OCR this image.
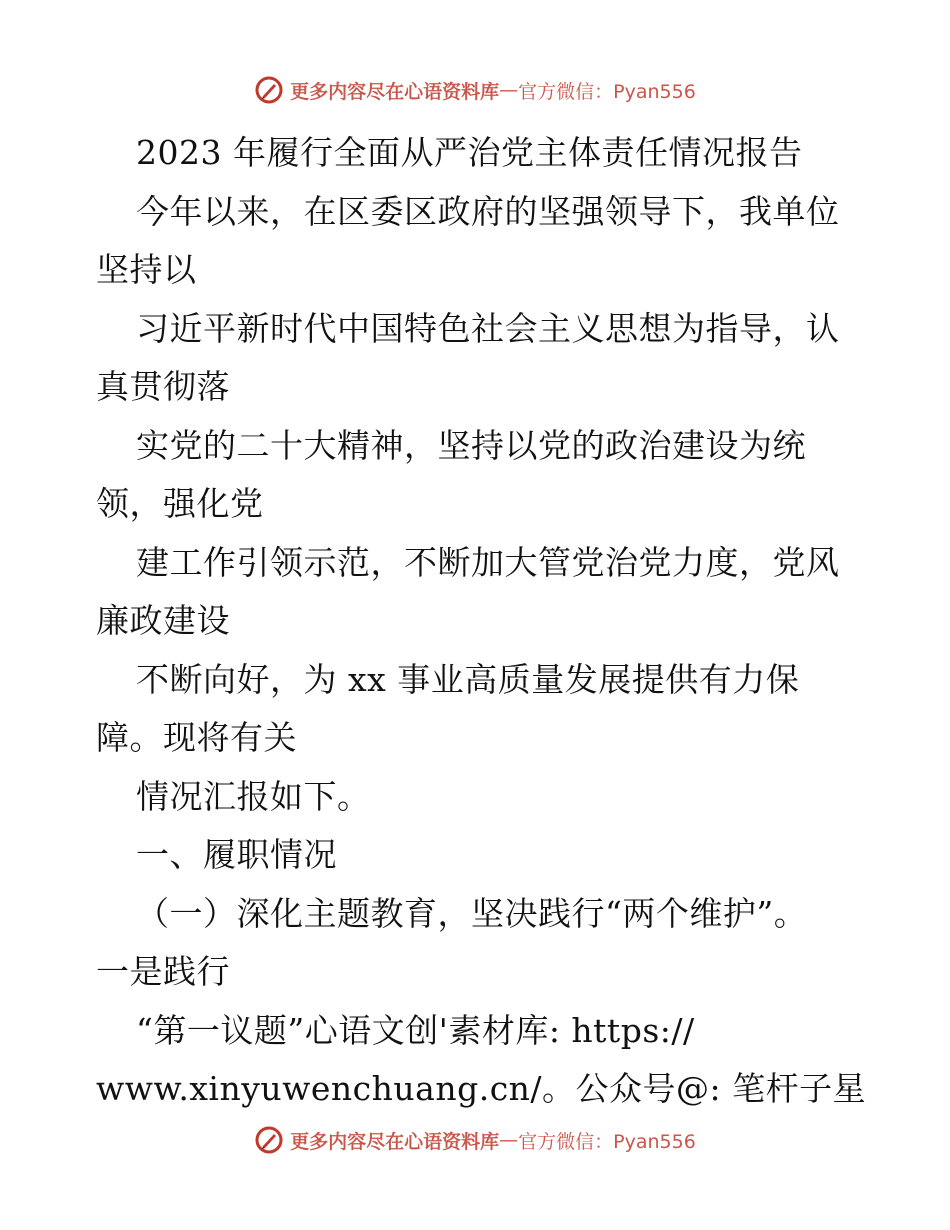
更多内容尽在心语资料库 — 官方微信：Pyan556
2023 年履行全面从严治党主体责任情况报告
今年以来，在区委区政府的坚强领导下，我单位
坚持以
习近平新时代中国特色社会主义思想为指导，认
真贯彻落
实党的二十大精神，坚持以党的政治建设为统
领，强化党
建工作引领示范，不断加大管党治党力度，党风
廉政建设
不断向好，为 xx 事业高质量发展提供有力保
障。现将有关
情况汇报如下。
一、履职情况
（一）深化主题教育，坚决践行“两个维护”。
一是践行
“第一议题”心语文创'素材库: https://
www.xinyuwenchuang.cn/。公众号@: 笔杆子星
更多内容尽在心语资料库 — 官方微信：Pyan556
